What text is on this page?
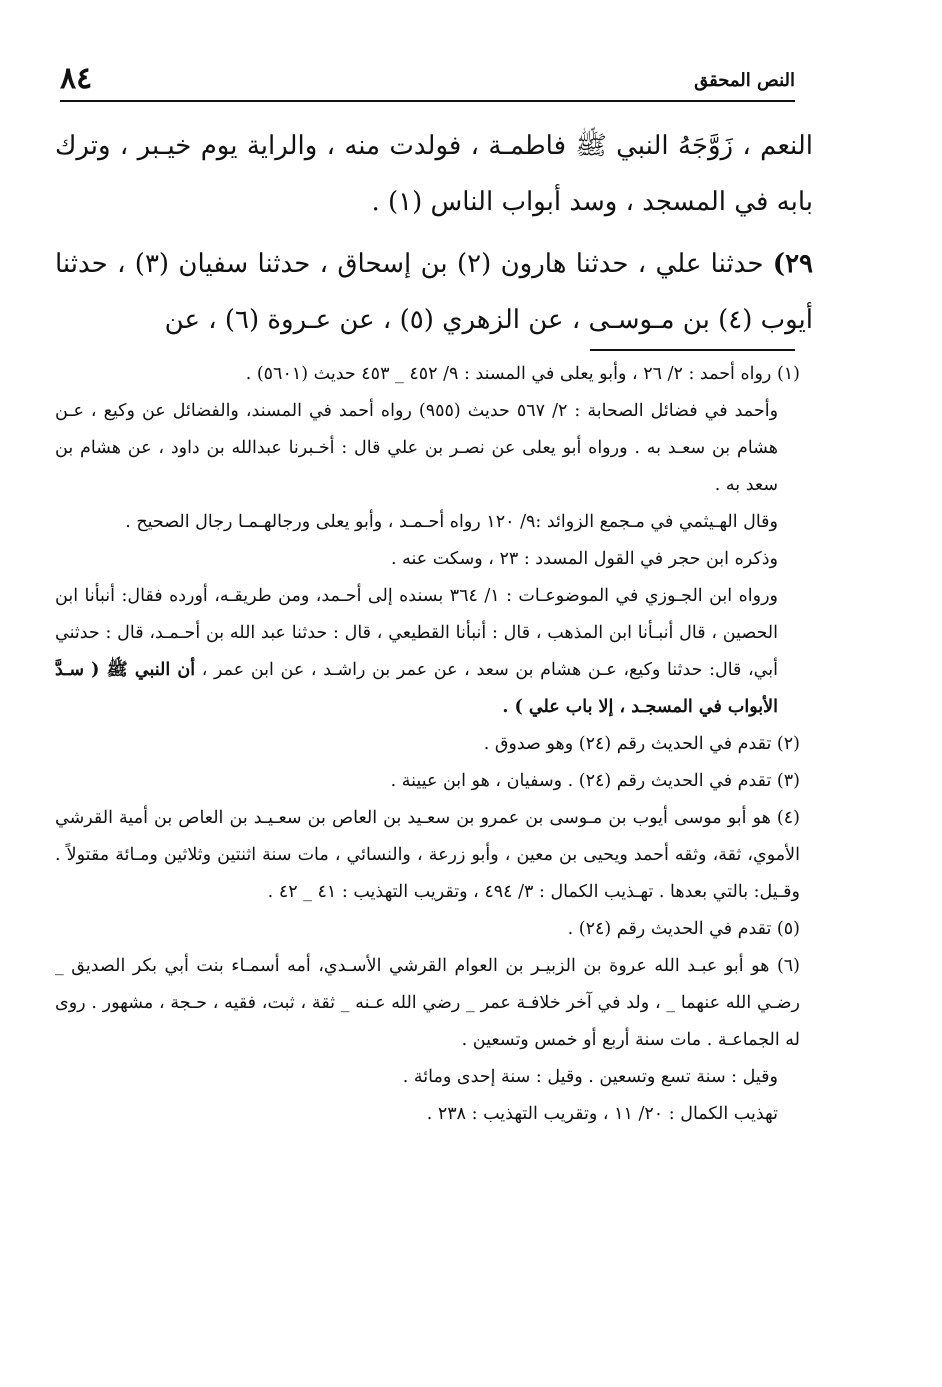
٨٤	النص المحقق

النعم ، زَوَّجَهُ النبي ﷺ فاطمـة ، فولدت منه ، والراية يوم خيـبر ، وترك بابه في المسجد ، وسد أبواب الناس (١) .

٢٩) حدثنا علي ، حدثنا هارون (٢) بن إسحاق ، حدثنا سفيان (٣) ، حدثنا أيوب (٤) بن مـوسـى ، عن الزهري (٥) ، عن عـروة (٦) ، عن

(١) رواه أحمد : ٢/ ٢٦ ، وأبو يعلى في المسند : ٩/ ٤٥٢ _ ٤٥٣ حديث (٥٦٠١) .

وأحمد في فضائل الصحابة : ٢/ ٥٦٧ حديث (٩٥٥) رواه أحمد في المسند، والفضائل عن وكيع ، عـن هشام بن سعـد به . ورواه أبو يعلى عن نصـر بن علي قال : أخـبرنا عبدالله بن داود ، عن هشام بن سعد به .

وقال الهـيثمي في مـجمع الزوائد :٩/ ١٢٠ رواه أحـمـد ، وأبو يعلى ورجالهـمـا رجال الصحيح .

وذكره ابن حجر في القول المسدد : ٢٣ ، وسكت عنه .

ورواه ابن الجـوزي في الموضوعـات : ١/ ٣٦٤ بسنده إلى أحـمد، ومن طريقـه، أورده فقال: أنبأنا ابن الحصين ، قال أنبـأنا ابن المذهب ، قال : أنبأنا القطيعي ، قال : حدثنا عبد الله بن أحـمـد، قال : حدثني أبي، قال: حدثنا وكيع، عـن هشام بن سعد ، عن عمر بن راشـد ، عن ابن عمر ، أن النبي ﷺ ( سـدَّ الأبواب في المسجـد ، إلا باب علي ) .

(٢) تقدم في الحديث رقم (٢٤) وهو صدوق .

(٣) تقدم في الحديث رقم (٢٤) . وسفيان ، هو ابن عيينة .

(٤) هو أبو موسى أيوب بن مـوسى بن عمرو بن سعـيد بن العاص بن سعـيـد بن العاص بن أمية القرشي الأموي، ثقة، وثقه أحمد ويحيى بن معين ، وأبو زرعة ، والنسائي ، مات سنة اثنتين وثلاثين ومـائة مقتولاً . وقـيل: بالتي بعدها . تهـذيب الكمال : ٣/ ٤٩٤ ، وتقريب التهذيب : ٤١ _ ٤٢ .

(٥) تقدم في الحديث رقم (٢٤) .

(٦) هو أبو عبـد الله عروة بن الزبيـر بن العوام القرشي الأسـدي، أمه أسمـاء بنت أبي بكر الصديق _ رضـي الله عنهما _ ، ولد في آخر خلافـة عمر _ رضي الله عـنه _ ثقة ، ثبت، فقيه ، حـجة ، مشهور . روى له الجماعـة . مات سنة أربع أو خمس وتسعين .

وقيل : سنة تسع وتسعين . وقيل : سنة إحدى ومائة .

تهذيب الكمال : ٢٠/ ١١ ، وتقريب التهذيب : ٢٣٨ .
